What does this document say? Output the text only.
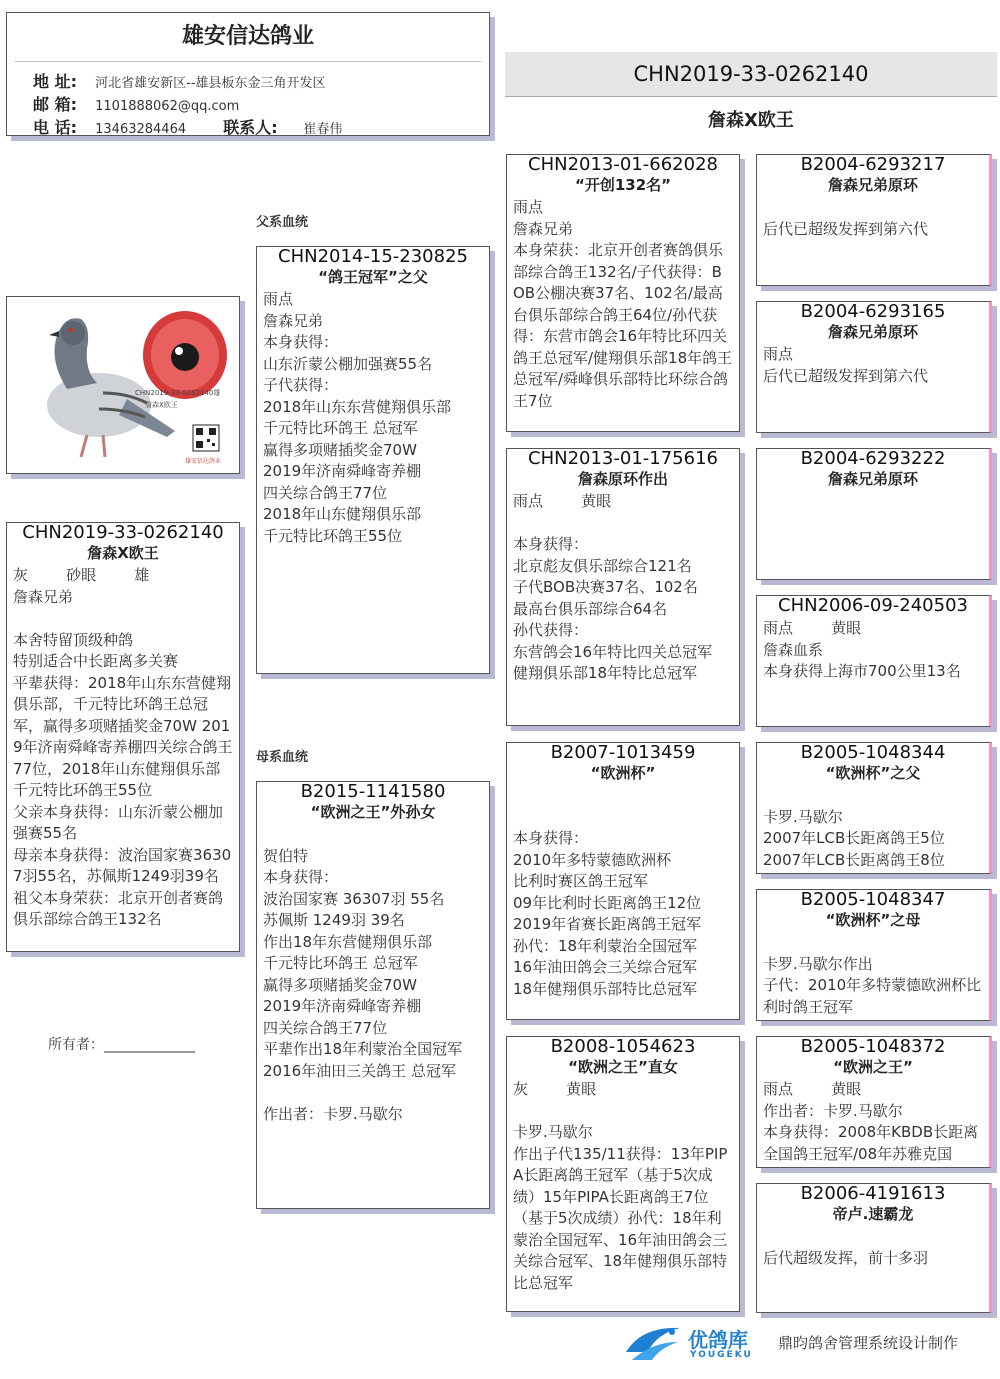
雄安信达鸽业
地 址: 河北省雄安新区--雄县板东金三角开发区
邮 箱: 1101888062@qq.com
电 话: 13463284464 联系人: 崔春伟
CHN2019-33-0262140
詹森X欧王
CHN2019-33-0262140雄
詹森X欧王
雄安信达鸽业
CHN2019-33-0262140
詹森X欧王
灰        砂眼        雄
詹森兄弟

本舍特留顶级种鸽
特别适合中长距离多关赛
平辈获得：2018年山东东营健翔俱乐部，千元特比环鸽王总冠军，赢得多项赌插奖金70W 2019年济南舜峰寄养棚四关综合鸽王77位，2018年山东健翔俱乐部千元特比环鸽王55位
父亲本身获得：山东沂蒙公棚加强赛55名
母亲本身获得：波治国家赛36307羽55名，苏佩斯1249羽39名
祖父本身荣获：北京开创者赛鸽俱乐部综合鸽王132名
所有者：_____________
父系血统
母系血统
CHN2014-15-230825
“鸽王冠军”之父
雨点
詹森兄弟
本身获得：
山东沂蒙公棚加强赛55名
子代获得：
2018年山东东营健翔俱乐部
千元特比环鸽王 总冠军
赢得多项赌插奖金70W
2019年济南舜峰寄养棚
四关综合鸽王77位
2018年山东健翔俱乐部
千元特比环鸽王55位
B2015-1141580
“欧洲之王”外孙女

贺伯特
本身获得：
波治国家赛 36307羽 55名
苏佩斯 1249羽 39名
作出18年东营健翔俱乐部
千元特比环鸽王 总冠军
赢得多项赌插奖金70W
2019年济南舜峰寄养棚
四关综合鸽王77位
平辈作出18年利蒙治全国冠军
2016年油田三关鸽王 总冠军

作出者：卡罗.马歇尔
CHN2013-01-662028
“开创132名”
雨点
詹森兄弟
本身荣获：北京开创者赛鸽俱乐部综合鸽王132名/子代获得：BOB公棚决赛37名、102名/最高台俱乐部综合鸽王64位/孙代获得：东营市鸽会16年特比环四关鸽王总冠军/健翔俱乐部18年鸽王总冠军/舜峰俱乐部特比环综合鸽王7位
CHN2013-01-175616
詹森原环作出
雨点        黄眼

本身获得：
北京彪友俱乐部综合121名
子代BOB决赛37名、102名
最高台俱乐部综合64名
孙代获得：
东营鸽会16年特比四关总冠军
健翔俱乐部18年特比总冠军
B2007-1013459
“欧洲杯”

本身获得：
2010年多特蒙德欧洲杯
比利时赛区鸽王冠军
09年比利时长距离鸽王12位
2019年省赛长距离鸽王冠军
孙代：18年利蒙治全国冠军
16年油田鸽会三关综合冠军
18年健翔俱乐部特比总冠军
B2008-1054623
“欧洲之王”直女
灰        黄眼

卡罗.马歇尔
作出子代135/11获得：13年PIPA长距离鸽王冠军（基于5次成绩）15年PIPA长距离鸽王7位（基于5次成绩）孙代：18年利蒙治全国冠军、16年油田鸽会三关综合冠军、18年健翔俱乐部特比总冠军
B2004-6293217
詹森兄弟原环

后代已超级发挥到第六代
B2004-6293165
詹森兄弟原环
雨点
后代已超级发挥到第六代
B2004-6293222
詹森兄弟原环
CHN2006-09-240503
雨点        黄眼
詹森血系
本身获得上海市700公里13名
B2005-1048344
“欧洲杯”之父

卡罗.马歇尔
2007年LCB长距离鸽王5位
2007年LCB长距离鸽王8位
B2005-1048347
“欧洲杯”之母

卡罗.马歇尔作出
子代：2010年多特蒙德欧洲杯比利时鸽王冠军
B2005-1048372
“欧洲之王”
雨点        黄眼
作出者：卡罗.马歇尔
本身获得：2008年KBDB长距离全国鸽王冠军/08年苏雅克国
B2006-4191613
帝卢.速霸龙

后代超级发挥，前十多羽
优鸽库
YOUGEKU
鼎昀鸽舍管理系统设计制作
